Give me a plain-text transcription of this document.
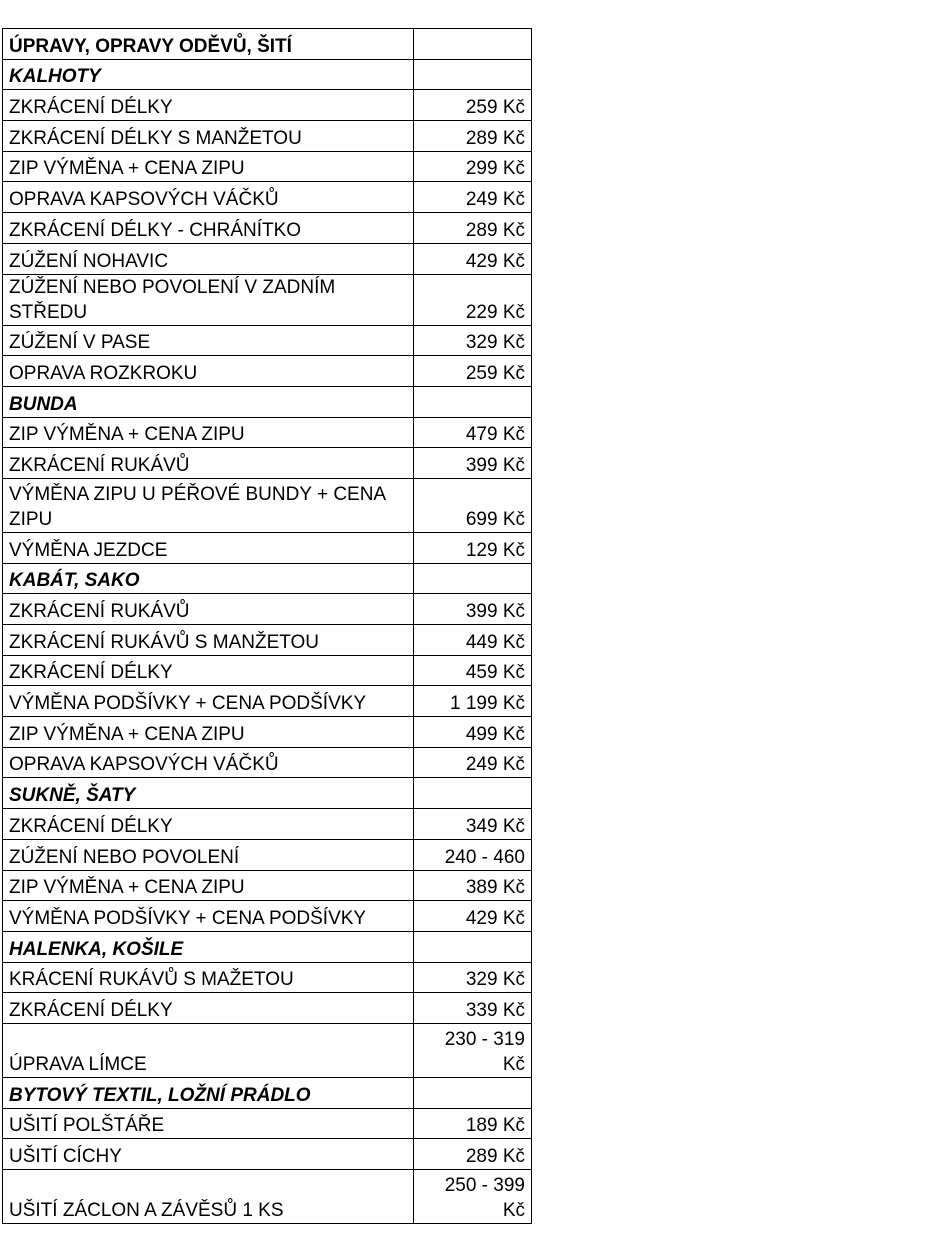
ÚPRAVY, OPRAVY ODĚVŮ, ŠITÍ	
KALHOTY	
ZKRÁCENÍ DÉLKY	259 Kč
ZKRÁCENÍ DÉLKY S MANŽETOU	289 Kč
ZIP VÝMĚNA + CENA ZIPU	299 Kč
OPRAVA KAPSOVÝCH VÁČKŮ	249 Kč
ZKRÁCENÍ DÉLKY - CHRÁNÍTKO	289 Kč
ZÚŽENÍ NOHAVIC	429 Kč
ZÚŽENÍ NEBO POVOLENÍ V ZADNÍM STŘEDU	229 Kč
ZÚŽENÍ V PASE	329 Kč
OPRAVA ROZKROKU	259 Kč
BUNDA	
ZIP VÝMĚNA + CENA ZIPU	479 Kč
ZKRÁCENÍ RUKÁVŮ	399 Kč
VÝMĚNA ZIPU U PÉŘOVÉ BUNDY + CENA ZIPU	699 Kč
VÝMĚNA JEZDCE	129 Kč
KABÁT, SAKO	
ZKRÁCENÍ RUKÁVŮ	399 Kč
ZKRÁCENÍ RUKÁVŮ S MANŽETOU	449 Kč
ZKRÁCENÍ DÉLKY	459 Kč
VÝMĚNA PODŠÍVKY + CENA PODŠÍVKY	1 199 Kč
ZIP VÝMĚNA + CENA ZIPU	499 Kč
OPRAVA KAPSOVÝCH VÁČKŮ	249 Kč
SUKNĚ, ŠATY	
ZKRÁCENÍ DÉLKY	349 Kč
ZÚŽENÍ NEBO POVOLENÍ	240 - 460
ZIP VÝMĚNA + CENA ZIPU	389 Kč
VÝMĚNA PODŠÍVKY + CENA PODŠÍVKY	429 Kč
HALENKA, KOŠILE	
KRÁCENÍ RUKÁVŮ S MAŽETOU	329 Kč
ZKRÁCENÍ DÉLKY	339 Kč
ÚPRAVA LÍMCE	230 - 319 Kč
BYTOVÝ TEXTIL, LOŽNÍ PRÁDLO	
UŠITÍ POLŠTÁŘE	189 Kč
UŠITÍ CÍCHY	289 Kč
UŠITÍ ZÁCLON A ZÁVĚSŮ 1 KS	250 - 399 Kč
